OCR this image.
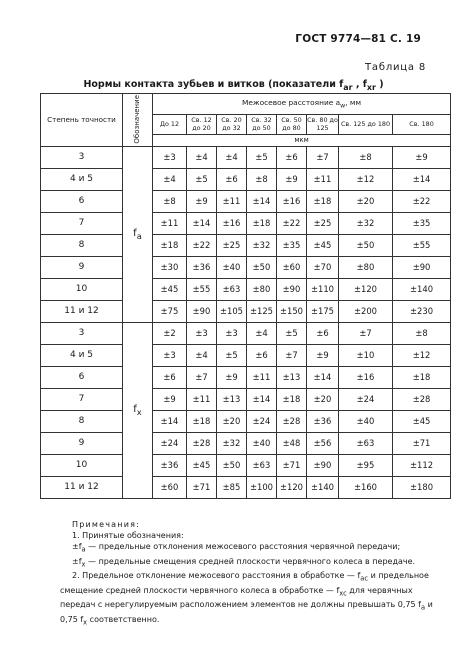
ГОСТ 9774—81 С. 19
Таблица 8
Нормы контакта зубьев и витков (показатели $f_{ar}$ , $f_{xr}$ )
Степень точности	Обозначение	Межосевое расстояние $a_w$, мм							
		До 12	Св. 12 до 20	Св. 20 до 32	Св. 32 до 50	Св. 50 до 80	Св. 80 до 125	Св. 125 до 180	Св. 180
		мкм							
3	$f_a$	±3	±4	±4	±5	±6	±7	±8	±9
4 и 5		±4	±5	±6	±8	±9	±11	±12	±14
6		±8	±9	±11	±14	±16	±18	±20	±22
7		±11	±14	±16	±18	±22	±25	±32	±35
8		±18	±22	±25	±32	±35	±45	±50	±55
9		±30	±36	±40	±50	±60	±70	±80	±90
10		±45	±55	±63	±80	±90	±110	±120	±140
11 и 12		±75	±90	±105	±125	±150	±175	±200	±230
3	$f_x$	±2	±3	±3	±4	±5	±6	±7	±8
4 и 5		±3	±4	±5	±6	±7	±9	±10	±12
6		±6	±7	±9	±11	±13	±14	±16	±18
7		±9	±11	±13	±14	±18	±20	±24	±28
8		±14	±18	±20	±24	±28	±36	±40	±45
9		±24	±28	±32	±40	±48	±56	±63	±71
10		±36	±45	±50	±63	±71	±90	±95	±112
11 и 12		±60	±71	±85	±100	±120	±140	±160	±180

Примечания:

1. Принятые обозначения:

$\pm f_a$ — предельные отклонения межосевого расстояния червячной передачи;

$\pm f_x$ — предельные смещения средней плоскости червячного колеса в передаче.

2. Предельное отклонение межосевого расстояния в обработке — $f_{ac}$ и предельное смещение средней плоскости червячного колеса в обработке — $f_{xc}$ для червячных передач с нерегулируемым расположением элементов не должны превышать 0,75 $f_a$ и 0,75 $f_x$ соответственно.
